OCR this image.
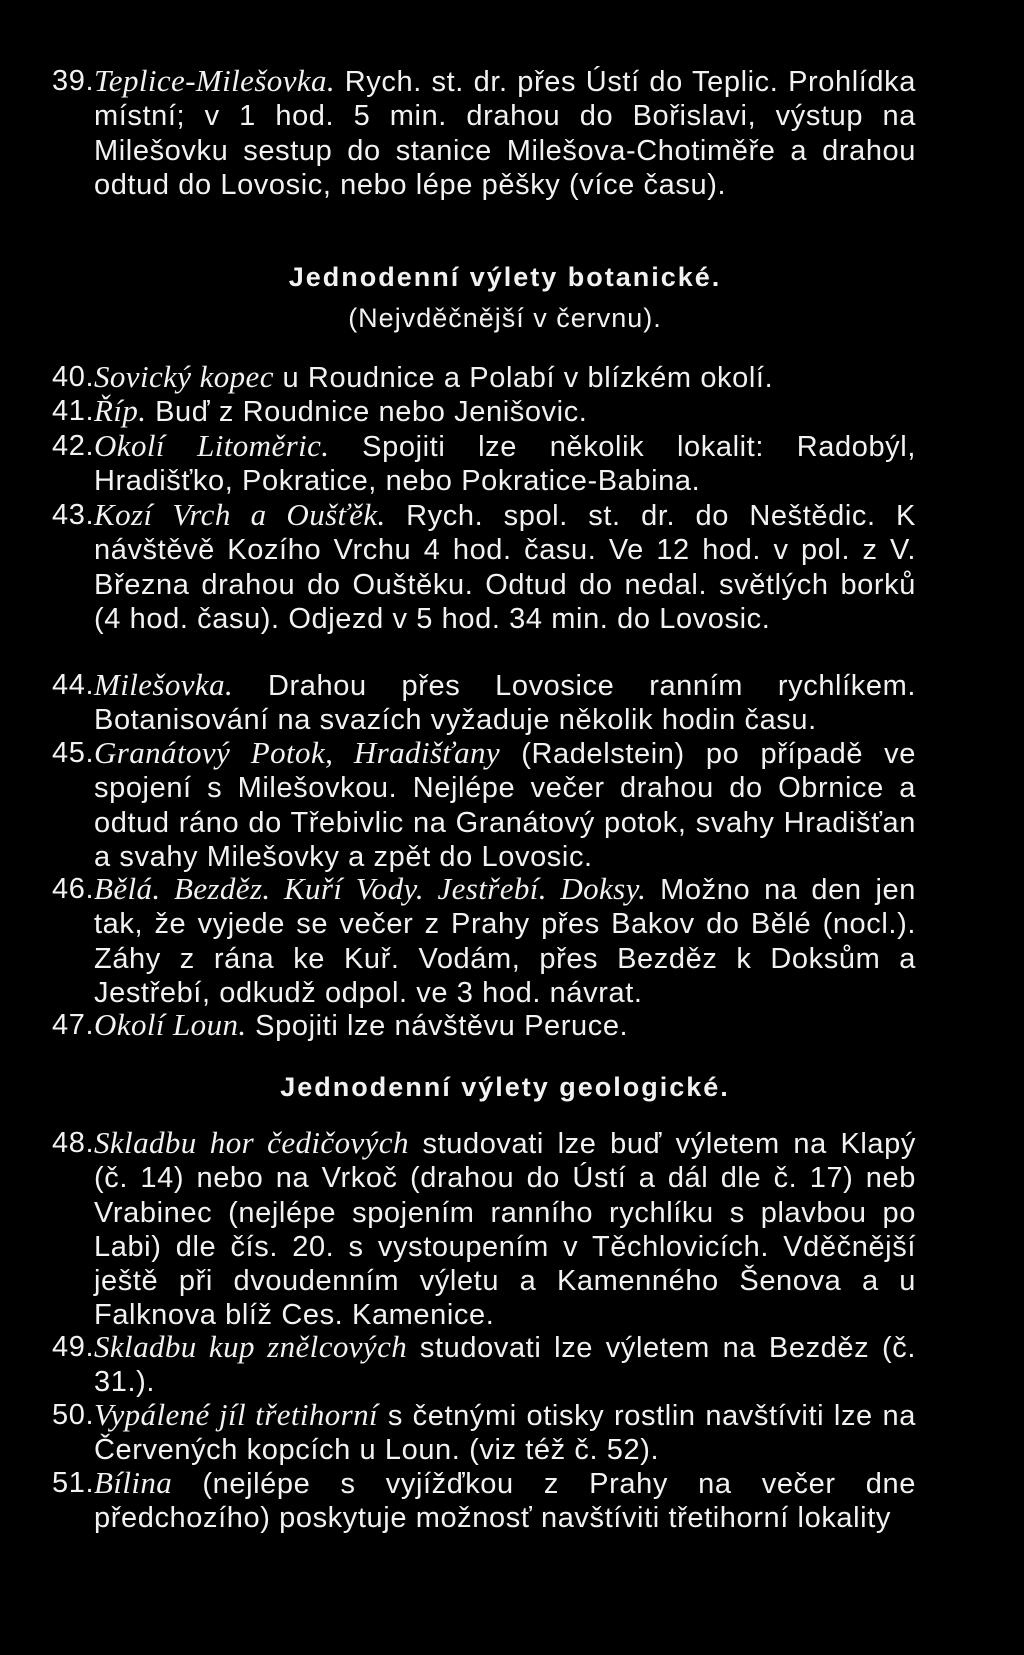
39. Teplice-Milešovka. Rych. st. dr. přes Ústí do Teplic. Prohlídka místní; v 1 hod. 5 min. drahou do Bořislavi, výstup na Milešovku sestup do stanice Milešova-Chotiměře a drahou odtud do Lovosic, nebo lépe pěšky (více času).

Jednodenní výlety botanické.

(Nejvděčnější v červnu).

40. Sovický kopec u Roudnice a Polabí v blízkém okolí.

41. Říp. Buď z Roudnice nebo Jenišovic.

42. Okolí Litoměric. Spojiti lze několik lokalit: Radobýl, Hradišťko, Pokratice, nebo Pokratice-Babina.

43. Kozí Vrch a Oušťěk. Rych. spol. st. dr. do Neštědic. K návštěvě Kozího Vrchu 4 hod. času. Ve 12 hod. v pol. z V. Března drahou do Ouštěku. Odtud do nedal. světlých borků (4 hod. času). Odjezd v 5 hod. 34 min. do Lovosic.

44. Milešovka. Drahou přes Lovosice ranním rychlíkem. Botanisování na svazích vyžaduje několik hodin času.

45. Granátový Potok, Hradišťany (Radelstein) po případě ve spojení s Milešovkou. Nejlépe večer drahou do Obrnice a odtud ráno do Třebivlic na Granátový potok, svahy Hradišťan a svahy Milešovky a zpět do Lovosic.

46. Bělá. Bezděz. Kuří Vody. Jestřebí. Doksy. Možno na den jen tak, že vyjede se večer z Prahy přes Bakov do Bělé (nocl.). Záhy z rána ke Kuř. Vodám, přes Bezděz k Doksům a Jestřebí, odkudž odpol. ve 3 hod. návrat.

47. Okolí Loun. Spojiti lze návštěvu Peruce.

Jednodenní výlety geologické.

48. Skladbu hor čedičových studovati lze buď výletem na Klapý (č. 14) nebo na Vrkoč (drahou do Ústí a dál dle č. 17) neb Vrabinec (nejlépe spojením ranního rychlíku s plavbou po Labi) dle čís. 20. s vystoupením v Těchlovicích. Vděčnější ještě při dvoudenním výletu a Kamenného Šenova a u Falknova blíž Ces. Kamenice.

49. Skladbu kup znělcových studovati lze výletem na Bezděz (č. 31.).

50. Vypálené jíl třetihorní s četnými otisky rostlin navštíviti lze na Červených kopcích u Loun. (viz též č. 52).

51. Bílina (nejlépe s vyjížďkou z Prahy na večer dne předchozího) poskytuje možnosť navštíviti třetihorní lokality
